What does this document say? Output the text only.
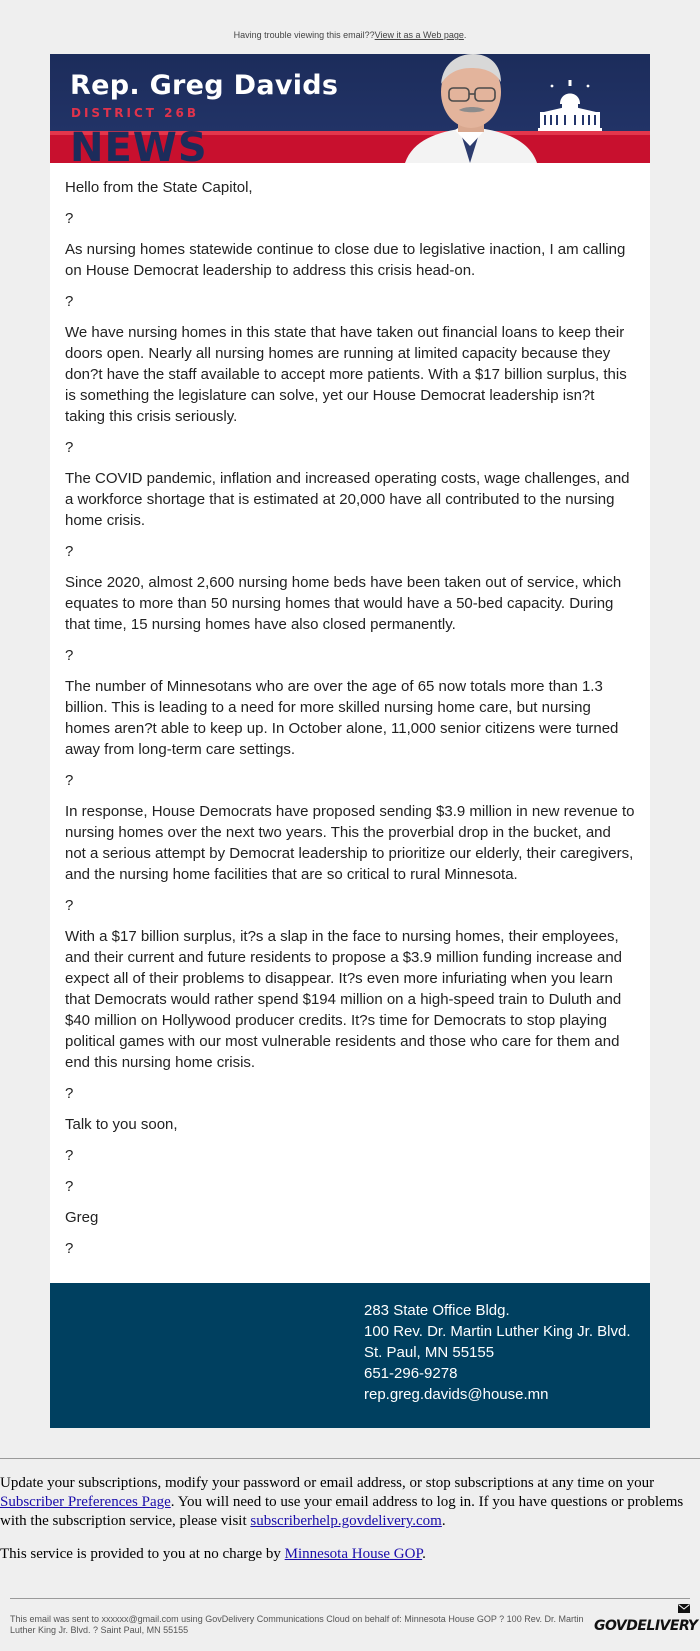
Having trouble viewing this email??View it as a Web page.
Rep. Greg Davids
DISTRICT 26B
NEWS

Hello from the State Capitol,

?

As nursing homes statewide continue to close due to legislative inaction, I am calling on House Democrat leadership to address this crisis head-on.

?

We have nursing homes in this state that have taken out financial loans to keep their doors open. Nearly all nursing homes are running at limited capacity because they don?t have the staff available to accept more patients. With a $17 billion surplus, this is something the legislature can solve, yet our House Democrat leadership isn?t taking this crisis seriously.

?

The COVID pandemic, inflation and increased operating costs, wage challenges, and a workforce shortage that is estimated at 20,000 have all contributed to the nursing home crisis.

?

Since 2020, almost 2,600 nursing home beds have been taken out of service, which equates to more than 50 nursing homes that would have a 50-bed capacity. During that time, 15 nursing homes have also closed permanently.

?

The number of Minnesotans who are over the age of 65 now totals more than 1.3 billion. This is leading to a need for more skilled nursing home care, but nursing homes aren?t able to keep up. In October alone, 11,000 senior citizens were turned away from long-term care settings.

?

In response, House Democrats have proposed sending $3.9 million in new revenue to nursing homes over the next two years. This the proverbial drop in the bucket, and not a serious attempt by Democrat leadership to prioritize our elderly, their caregivers, and the nursing home facilities that are so critical to rural Minnesota.

?

With a $17 billion surplus, it?s a slap in the face to nursing homes, their employees, and their current and future residents to propose a $3.9 million funding increase and expect all of their problems to disappear. It?s even more infuriating when you learn that Democrats would rather spend $194 million on a high-speed train to Duluth and $40 million on Hollywood producer credits. It?s time for Democrats to stop playing political games with our most vulnerable residents and those who care for them and end this nursing home crisis.

?

Talk to you soon,

?

?

Greg

?

283 State Office Bldg.
100 Rev. Dr. Martin Luther King Jr. Blvd.
St. Paul, MN 55155
651-296-9278
rep.greg.davids@house.mn

Update your subscriptions, modify your password or email address, or stop subscriptions at any time on your Subscriber Preferences Page. You will need to use your email address to log in. If you have questions or problems with the subscription service, please visit subscriberhelp.govdelivery.com.

This service is provided to you at no charge by Minnesota House GOP.

This email was sent to xxxxxx@gmail.com using GovDelivery Communications Cloud on behalf of: Minnesota House GOP ? 100 Rev. Dr. Martin Luther King Jr. Blvd. ? Saint Paul, MN 55155	GOVDELIVERY
